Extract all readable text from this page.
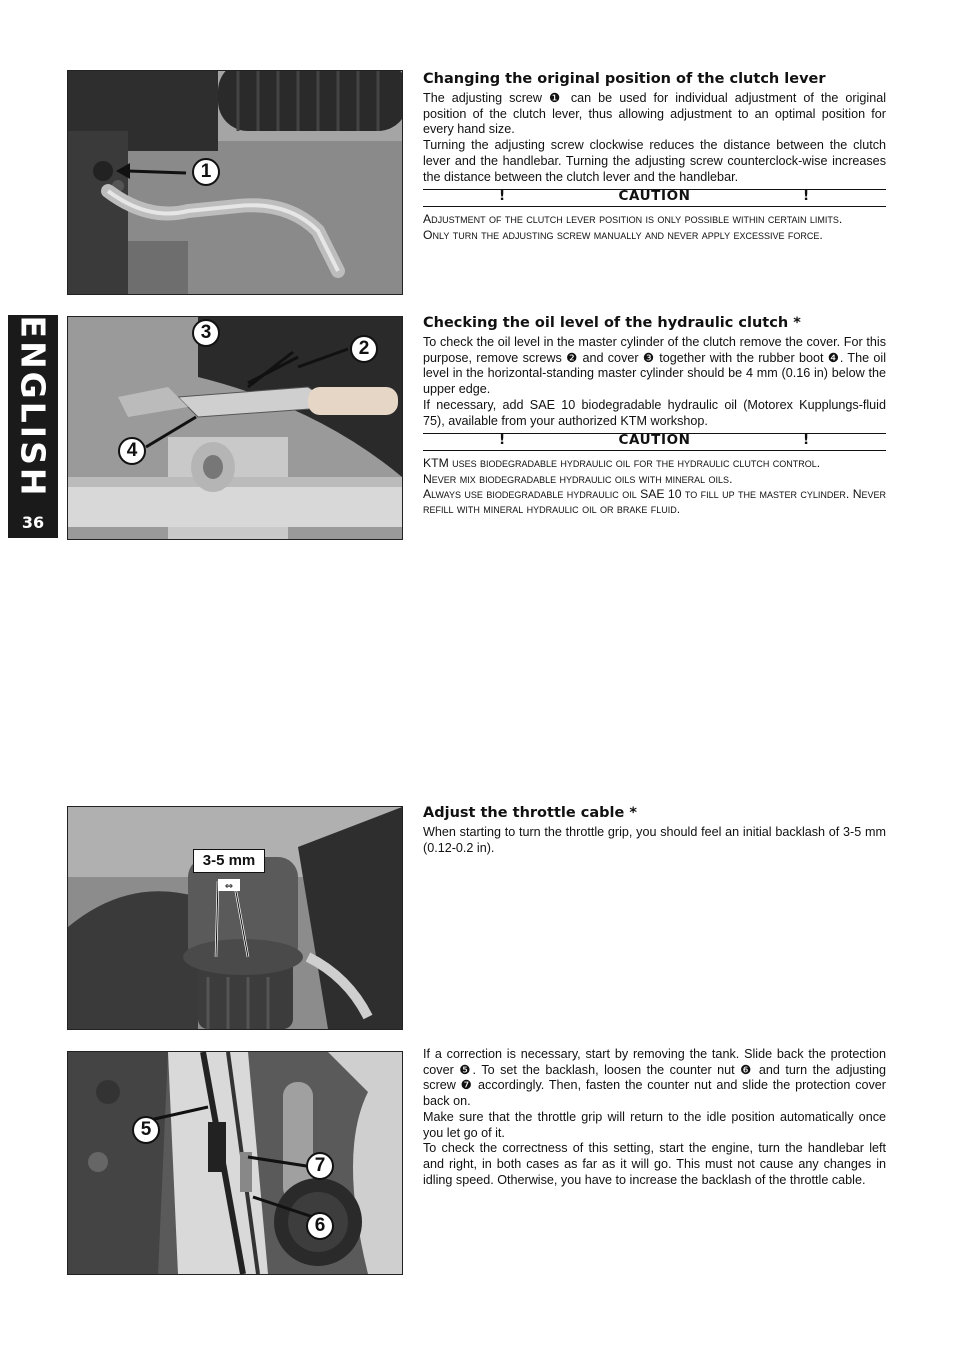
ENGLISH
36
1
Changing the original position of the clutch lever

The adjusting screw ❶ can be used for individual adjustment of the original position of the clutch lever, thus allowing adjustment to an optimal position for every hand size.

Turning the adjusting screw clockwise reduces the distance between the clutch lever and the handlebar. Turning the adjusting screw counterclock-wise increases the distance between the clutch lever and the handlebar.

!	CAUTION	!

Adjustment of the clutch lever position is only possible within certain limits.

Only turn the adjusting screw manually and never apply excessive force.

3
2
4
Checking the oil level of the hydraulic clutch *

To check the oil level in the master cylinder of the clutch remove the cover. For this purpose, remove screws ❷ and cover ❸ together with the rubber boot ❹. The oil level in the horizontal-standing master cylinder should be 4 mm (0.16 in) below the upper edge.

If necessary, add SAE 10 biodegradable hydraulic oil (Motorex Kupplungs-fluid 75), available from your authorized KTM workshop.

!	CAUTION	!

KTM uses biodegradable hydraulic oil for the hydraulic clutch control.

Never mix biodegradable hydraulic oils with mineral oils.

Always use biodegradable hydraulic oil SAE 10 to fill up the master cylinder. Never refill with mineral hydraulic oil or brake fluid.

⇔
3-5 mm
Adjust the throttle cable *

When starting to turn the throttle grip, you should feel an initial backlash of 3-5 mm (0.12-0.2 in).

5
7
6

If a correction is necessary, start by removing the tank. Slide back the protection cover ❺. To set the backlash, loosen the counter nut ❻ and turn the adjusting screw ❼ accordingly. Then, fasten the counter nut and slide the protection cover back on.

Make sure that the throttle grip will return to the idle position automatically once you let go of it.

To check the correctness of this setting, start the engine, turn the handlebar left and right, in both cases as far as it will go. This must not cause any changes in idling speed. Otherwise, you have to increase the backlash of the throttle cable.
